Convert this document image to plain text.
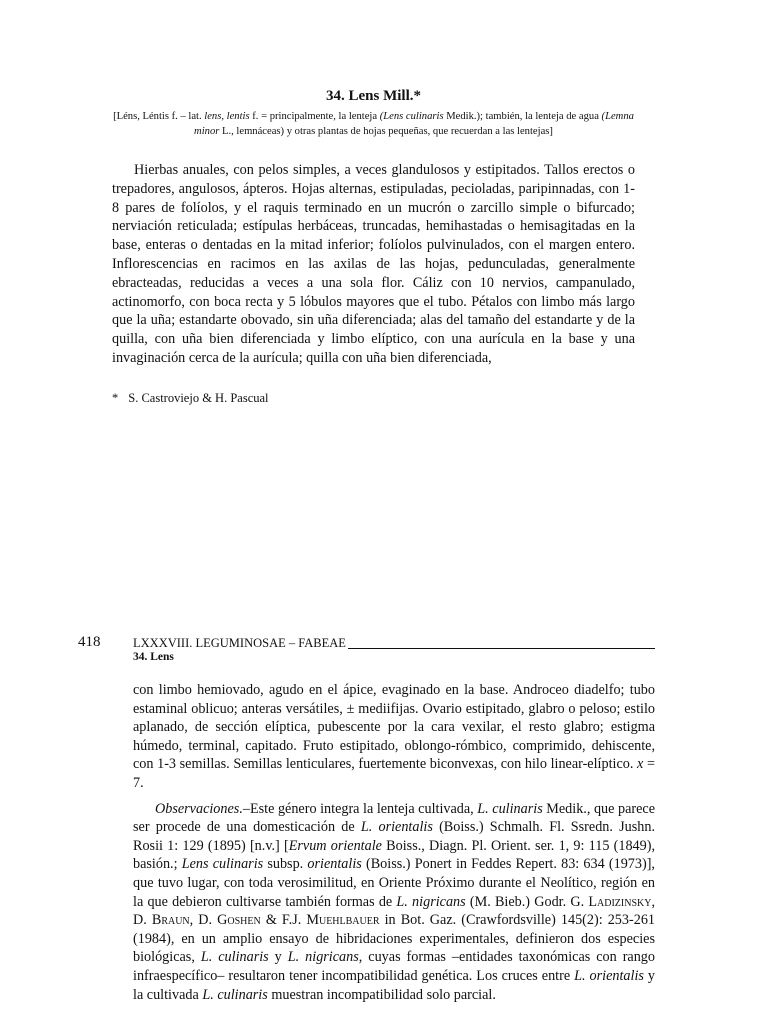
34. Lens Mill.*
[Léns, Léntis f. – lat. lens, lentis f. = principalmente, la lenteja (Lens culinaris Medik.); también, la lenteja de agua (Lemna minor L., lemnáceas) y otras plantas de hojas pequeñas, que recuerdan a las lentejas]
Hierbas anuales, con pelos simples, a veces glandulosos y estipitados. Tallos erectos o trepadores, angulosos, ápteros. Hojas alternas, estipuladas, pecioladas, paripinnadas, con 1-8 pares de folíolos, y el raquis terminado en un mucrón o zarcillo simple o bifurcado; nerviación reticulada; estípulas herbáceas, truncadas, hemihastadas o hemisagitadas en la base, enteras o dentadas en la mitad inferior; folíolos pulvinulados, con el margen entero. Inflorescencias en racimos en las axilas de las hojas, pedunculadas, generalmente ebracteadas, reducidas a veces a una sola flor. Cáliz con 10 nervios, campanulado, actinomorfo, con boca recta y 5 lóbulos mayores que el tubo. Pétalos con limbo más largo que la uña; estandarte obovado, sin uña diferenciada; alas del tamaño del estandarte y de la quilla, con uña bien diferenciada y limbo elíptico, con una aurícula en la base y una invaginación cerca de la aurícula; quilla con uña bien diferenciada,
* S. Castroviejo & H. Pascual
418	LXXXVIII. LEGUMINOSAE – FABEAE
34. Lens

con limbo hemiovado, agudo en el ápice, evaginado en la base. Androceo diadelfo; tubo estaminal oblicuo; anteras versátiles, ± mediifijas. Ovario estipitado, glabro o peloso; estilo aplanado, de sección elíptica, pubescente por la cara vexilar, el resto glabro; estigma húmedo, terminal, capitado. Fruto estipitado, oblongo-rómbico, comprimido, dehiscente, con 1-3 semillas. Semillas lenticulares, fuertemente biconvexas, con hilo linear-elíptico. x = 7.

Observaciones.–Este género integra la lenteja cultivada, L. culinaris Medik., que parece ser procede de una domesticación de L. orientalis (Boiss.) Schmalh. Fl. Ssredn. Jushn. Rosii 1: 129 (1895) [n.v.] [Ervum orientale Boiss., Diagn. Pl. Orient. ser. 1, 9: 115 (1849), basión.; Lens culinaris subsp. orientalis (Boiss.) Ponert in Feddes Repert. 83: 634 (1973)], que tuvo lugar, con toda verosimilitud, en Oriente Próximo durante el Neolítico, región en la que debieron cultivarse también formas de L. nigricans (M. Bieb.) Godr. G. Ladizinsky, D. Braun, D. Goshen & F.J. Muehlbauer in Bot. Gaz. (Crawfordsville) 145(2): 253-261 (1984), en un amplio ensayo de hibridaciones experimentales, definieron dos especies biológicas, L. culinaris y L. nigricans, cuyas formas –entidades taxonómicas con rango infraespecífico– resultaron tener incompatibilidad genética. Los cruces entre L. orientalis y la cultivada L. culinaris muestran incompatibilidad solo parcial.
